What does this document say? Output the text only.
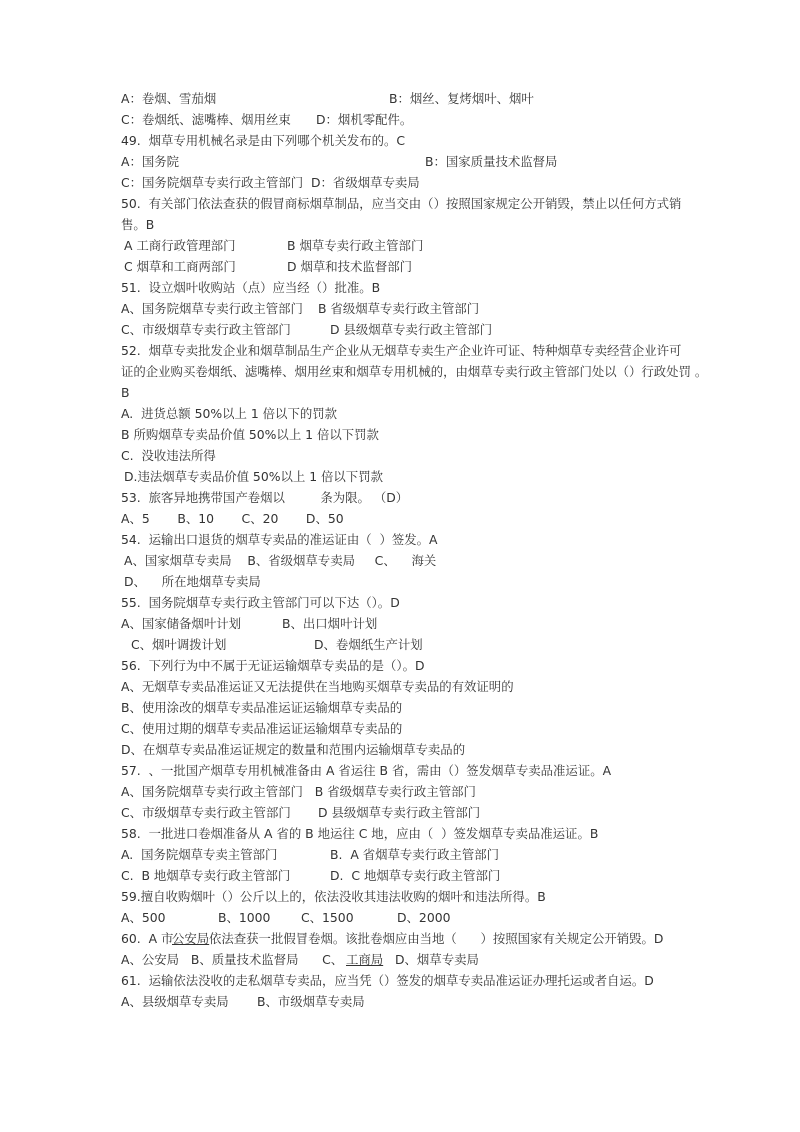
A：卷烟、雪茄烟	B：烟丝、复烤烟叶、烟叶
C：卷烟纸、滤嘴棒、烟用丝束 D：烟机零配件。
49.  烟草专用机械名录是由下列哪个机关发布的。C
A：国务院	B：国家质量技术监督局
C：国务院烟草专卖行政主管部门  D：省级烟草专卖局
50.  有关部门依法查获的假冒商标烟草制品，应当交由（）按照国家规定公开销毁，禁止以任何方式销
售。B
A 工商行政管理部门	B 烟草专卖行政主管部门
C 烟草和工商两部门	D 烟草和技术监督部门
51.  设立烟叶收购站（点）应当经（）批准。B
A、国务院烟草专卖行政主管部门 B 省级烟草专卖行政主管部门
C、市级烟草专卖行政主管部门	D 县级烟草专卖行政主管部门
52.  烟草专卖批发企业和烟草制品生产企业从无烟草专卖生产企业许可证、特种烟草专卖经营企业许可
证的企业购买卷烟纸、滤嘴棒、烟用丝束和烟草专用机械的，由烟草专卖行政主管部门处以（）行政处罚 。
B
A.  进货总额 50%以上 1 倍以下的罚款
B 所购烟草专卖品价值 50%以上 1 倍以下罚款
C.  没收违法所得
D.违法烟草专卖品价值 50%以上 1 倍以下罚款
53.  旅客异地携带国产卷烟以         条为限。 （D）
A、5       B、10       C、20       D、50
54.  运输出口退货的烟草专卖品的准运证由（  ）签发。A
A、国家烟草专卖局    B、省级烟草专卖局     C、    海关
D、    所在地烟草专卖局
55.  国务院烟草专卖行政主管部门可以下达（）。D
A、国家储备烟叶计划	B、出口烟叶计划
C、烟叶调拨计划	D、卷烟纸生产计划
56.  下列行为中不属于无证运输烟草专卖品的是（）。D
A、无烟草专卖品准运证又无法提供在当地购买烟草专卖品的有效证明的
B、使用涂改的烟草专卖品准运证运输烟草专卖品的
C、使用过期的烟草专卖品准运证运输烟草专卖品的
D、在烟草专卖品准运证规定的数量和范围内运输烟草专卖品的
57.  、一批国产烟草专用机械准备由 A 省运往 B 省，需由（）签发烟草专卖品准运证。A
A、国务院烟草专卖行政主管部门   B 省级烟草专卖行政主管部门
C、市级烟草专卖行政主管部门 D 县级烟草专卖行政主管部门
58.  一批进口卷烟准备从 A 省的 B 地运往 C 地，应由（  ）签发烟草专卖品准运证。B
A.  国务院烟草专卖主管部门	B.  A 省烟草专卖行政主管部门
C.  B 地烟草专卖行政主管部门	D.  C 地烟草专卖行政主管部门
59.擅自收购烟叶（）公斤以上的，依法没收其违法收购的烟叶和违法所得。B
A、500	B、1000 C、1500	D、2000
60.  A 市
公安局 依法查获一批假冒卷烟。该批卷烟应由当地（      ）按照国家有关规定公开销毁。D
A、公安局   B、质量技术监督局      C、 工商局 D、烟草专卖局
61.  运输依法没收的走私烟草专卖品，应当凭（）签发的烟草专卖品准运证办理托运或者自运。D
A、县级烟草专卖局 B、市级烟草专卖局
